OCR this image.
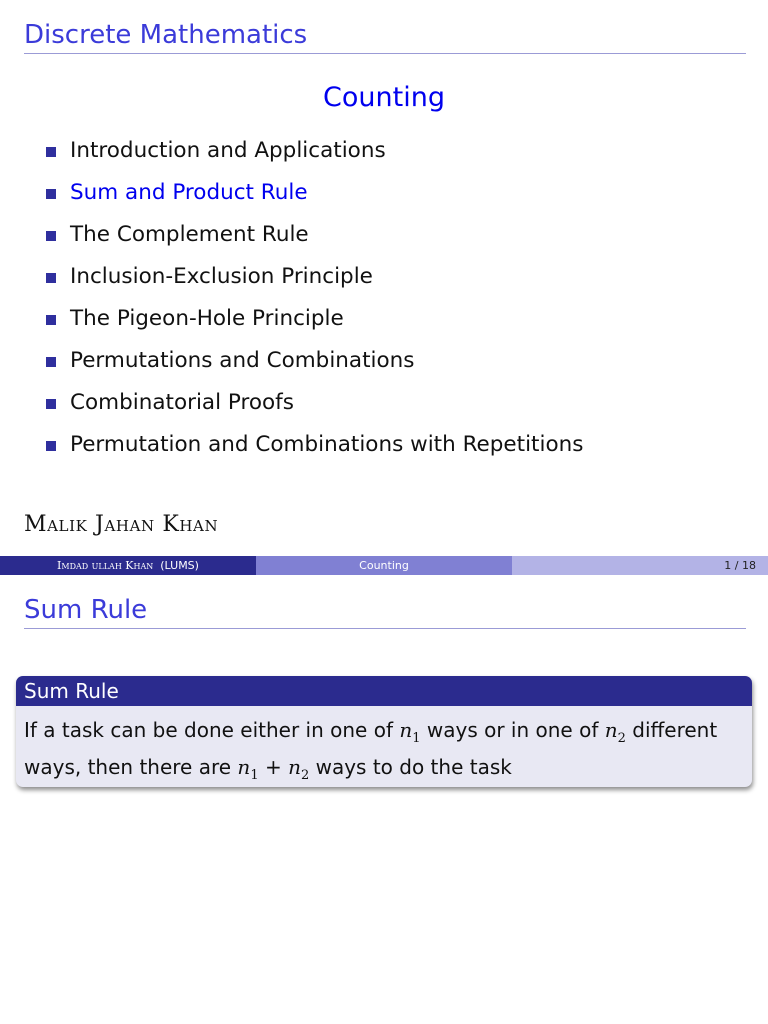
Discrete Mathematics
Counting
Introduction and Applications
Sum and Product Rule
The Complement Rule
Inclusion-Exclusion Principle
The Pigeon-Hole Principle
Permutations and Combinations
Combinatorial Proofs
Permutation and Combinations with Repetitions
Malik Jahan Khan
Imdad ullah Khan (LUMS)	Counting	1 / 18
Sum Rule
Sum Rule
If a task can be done either in one of $n_1$ ways or in one of $n_2$ different ways, then there are $n_1 + n_2$ ways to do the task
